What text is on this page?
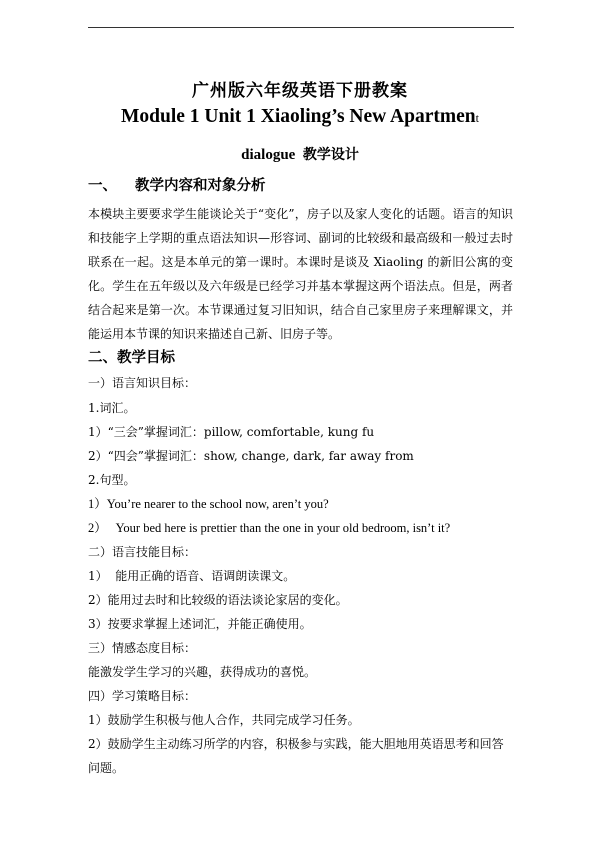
广州版六年级英语下册教案
Module 1 Unit 1 Xiaoling’s New Apartment
dialogue 教学设计
一、 教学内容和对象分析
本模块主要要求学生能谈论关于“变化”，房子以及家人变化的话题。语言的知识和技能字上学期的重点语法知识—形容词、副词的比较级和最高级和一般过去时联系在一起。这是本单元的第一课时。本课时是谈及 Xiaoling 的新旧公寓的变化。学生在五年级以及六年级是已经学习并基本掌握这两个语法点。但是，两者结合起来是第一次。本节课通过复习旧知识，结合自己家里房子来理解课文，并能运用本节课的知识来描述自己新、旧房子等。
二、教学目标
一）语言知识目标：
1.词汇。
1）“三会”掌握词汇：pillow, comfortable, kung fu
2）“四会”掌握词汇：show, change, dark, far away from
2.句型。
1）You’re nearer to the school now, aren’t you?
2）   Your bed here is prettier than the one in your old bedroom, isn’t it?
二）语言技能目标：
1）  能用正确的语音、语调朗读课文。
2）能用过去时和比较级的语法谈论家居的变化。
3）按要求掌握上述词汇，并能正确使用。
三）情感态度目标：
能激发学生学习的兴趣，获得成功的喜悦。
四）学习策略目标：
1）鼓励学生积极与他人合作，共同完成学习任务。
2）鼓励学生主动练习所学的内容，积极参与实践，能大胆地用英语思考和回答
问题。
